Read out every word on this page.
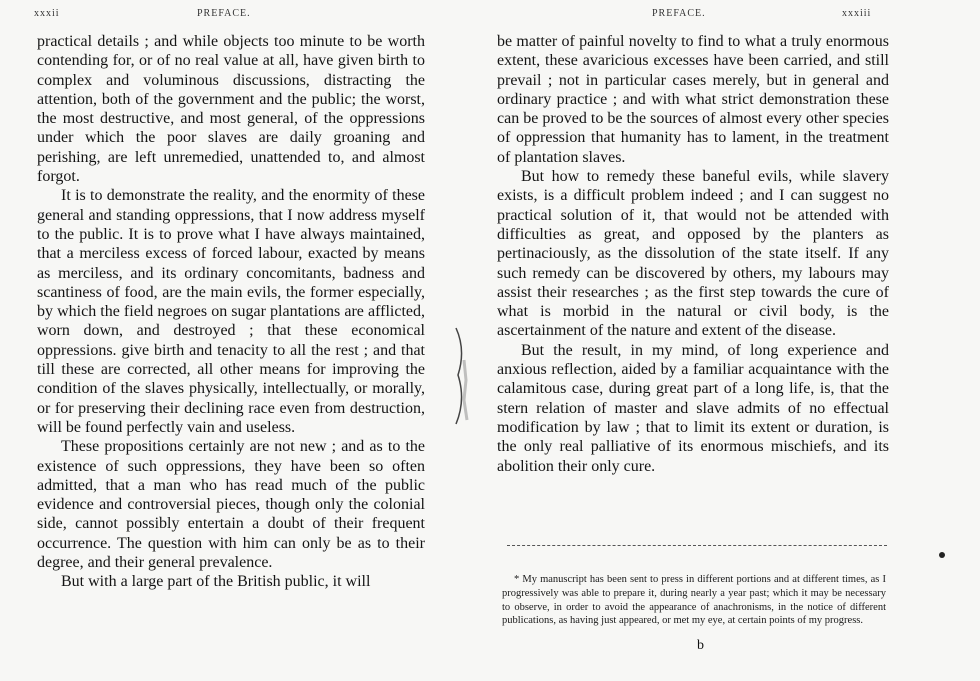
xxxii	PREFACE.

practical details ; and while objects too minute to be worth contending for, or of no real value at all, have given birth to complex and voluminous discussions, distracting the attention, both of the government and the public; the worst, the most destructive, and most general, of the oppressions under which the poor slaves are daily groaning and perishing, are left unremedied, unattended to, and almost forgot.

It is to demonstrate the reality, and the enormity of these general and standing oppressions, that I now address myself to the public. It is to prove what I have always maintained, that a merciless excess of forced labour, exacted by means as merciless, and its ordinary concomitants, badness and scantiness of food, are the main evils, the former especially, by which the field negroes on sugar plantations are afflicted, worn down, and destroyed ; that these economical oppressions. give birth and tenacity to all the rest ; and that till these are corrected, all other means for improving the condition of the slaves physically, intellectually, or morally, or for preserving their declining race even from destruction, will be found perfectly vain and useless.

These propositions certainly are not new ; and as to the existence of such oppressions, they have been so often admitted, that a man who has read much of the public evidence and controversial pieces, though only the colonial side, cannot possibly entertain a doubt of their frequent occurrence. The question with him can only be as to their degree, and their general prevalence.

But with a large part of the British public, it will

PREFACE.	xxxiii

be matter of painful novelty to find to what a truly enormous extent, these avaricious excesses have been carried, and still prevail ; not in particular cases merely, but in general and ordinary practice ; and with what strict demonstration these can be proved to be the sources of almost every other species of oppression that humanity has to lament, in the treatment of plantation slaves.

But how to remedy these baneful evils, while slavery exists, is a difficult problem indeed ; and I can suggest no practical solution of it, that would not be attended with difficulties as great, and opposed by the planters as pertinaciously, as the dissolution of the state itself. If any such remedy can be discovered by others, my labours may assist their researches ; as the first step towards the cure of what is morbid in the natural or civil body, is the ascertainment of the nature and extent of the disease.

But the result, in my mind, of long experience and anxious reflection, aided by a familiar acquaintance with the calamitous case, during great part of a long life, is, that the stern relation of master and slave admits of no effectual modification by law ; that to limit its extent or duration, is the only real palliative of its enormous mischiefs, and its abolition their only cure.

* My manuscript has been sent to press in different portions and at different times, as I progressively was able to prepare it, during nearly a year past; which it may be necessary to observe, in order to avoid the appearance of anachronisms, in the notice of different publications, as having just appeared, or met my eye, at certain points of my progress.

b
